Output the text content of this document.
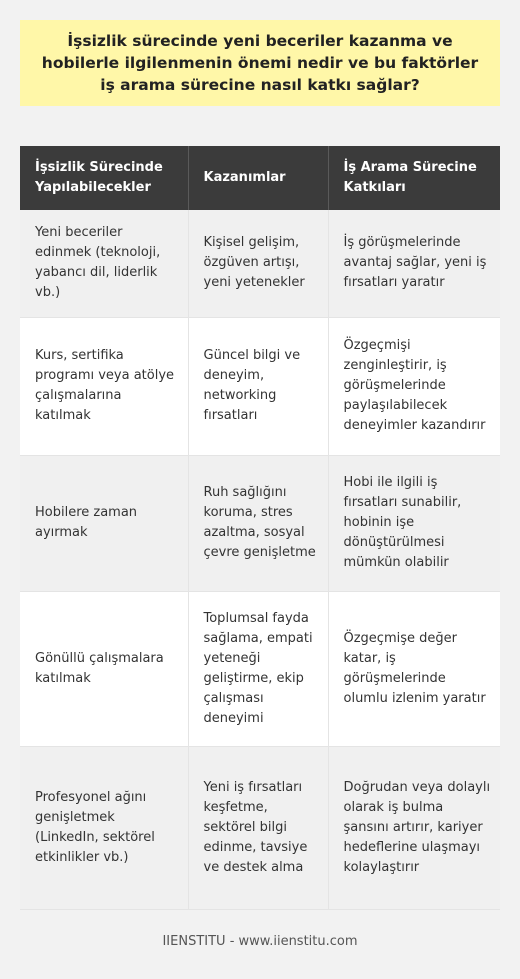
İşsizlik sürecinde yeni beceriler kazanma ve hobilerle ilgilenmenin önemi nedir ve bu faktörler iş arama sürecine nasıl katkı sağlar?
İşsizlik Sürecinde Yapılabilecekler	Kazanımlar	İş Arama Sürecine Katkıları
Yeni beceriler edinmek (teknoloji, yabancı dil, liderlik vb.)	Kişisel gelişim, özgüven artışı, yeni yetenekler	İş görüşmelerinde avantaj sağlar, yeni iş fırsatları yaratır
Kurs, sertifika programı veya atölye çalışmalarına katılmak	Güncel bilgi ve deneyim, networking fırsatları	Özgeçmişi zenginleştirir, iş görüşmelerinde paylaşılabilecek deneyimler kazandırır
Hobilere zaman ayırmak	Ruh sağlığını koruma, stres azaltma, sosyal çevre genişletme	Hobi ile ilgili iş fırsatları sunabilir, hobinin işe dönüştürülmesi mümkün olabilir
Gönüllü çalışmalara katılmak	Toplumsal fayda sağlama, empati yeteneği geliştirme, ekip çalışması deneyimi	Özgeçmişe değer katar, iş görüşmelerinde olumlu izlenim yaratır
Profesyonel ağını genişletmek (LinkedIn, sektörel etkinlikler vb.)	Yeni iş fırsatları keşfetme, sektörel bilgi edinme, tavsiye ve destek alma	Doğrudan veya dolaylı olarak iş bulma şansını artırır, kariyer hedeflerine ulaşmayı kolaylaştırır
IIENSTITU - www.iienstitu.com
